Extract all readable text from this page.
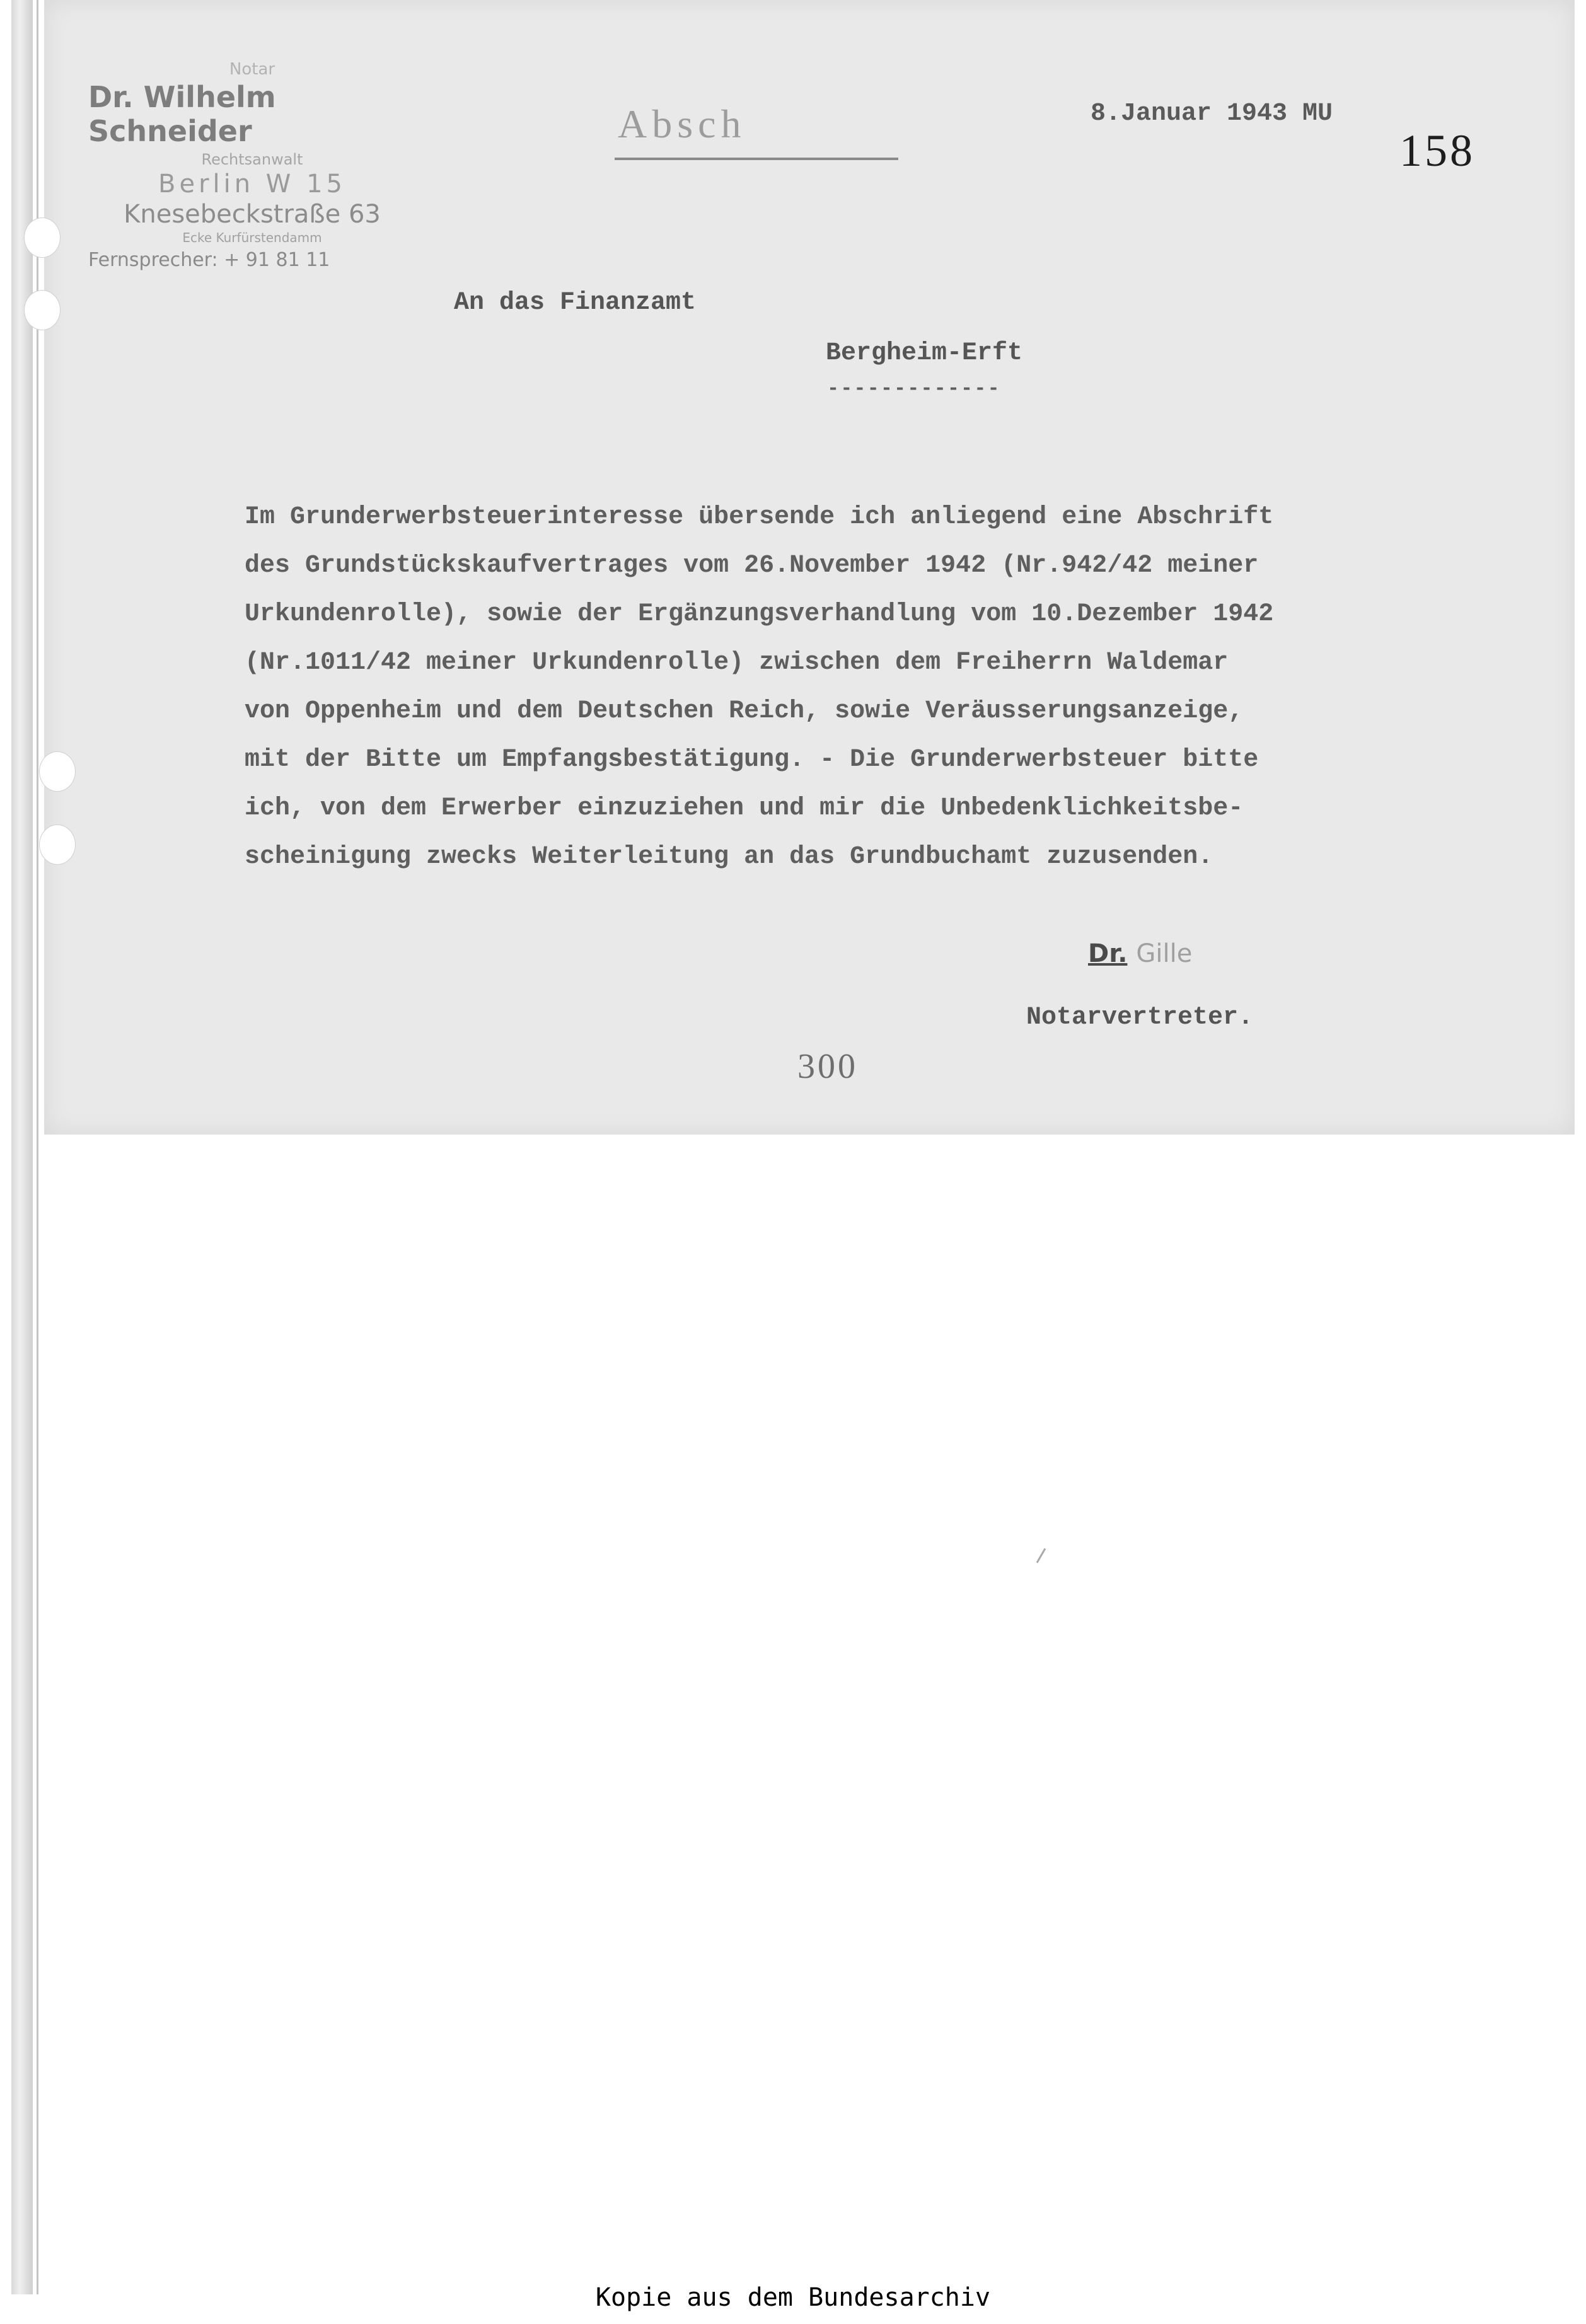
Notar
Dr. Wilhelm Schneider
Rechtsanwalt
Berlin W 15
Knesebeckstraße 63
Ecke Kurfürstendamm
Fernsprecher: + 91 81 11
Absch	8.Januar 1943 MU
158
An das Finanzamt
Bergheim-Erft
-------------
Im Grunderwerbsteuerinteresse übersende ich anliegend eine Abschrift
des Grundstückskaufvertrages vom 26.November 1942 (Nr.942/42 meiner
Urkundenrolle), sowie der Ergänzungsverhandlung vom 10.Dezember 1942
(Nr.1011/42 meiner Urkundenrolle) zwischen dem Freiherrn Waldemar
von Oppenheim und dem Deutschen Reich, sowie Veräusserungsanzeige,
mit der Bitte um Empfangsbestätigung. - Die Grunderwerbsteuer bitte
ich, von dem Erwerber einzuziehen und mir die Unbedenklichkeitsbe-
scheinigung zwecks Weiterleitung an das Grundbuchamt zuzusenden.
Dr. Gille
Notarvertreter.
300
Kopie aus dem Bundesarchiv
